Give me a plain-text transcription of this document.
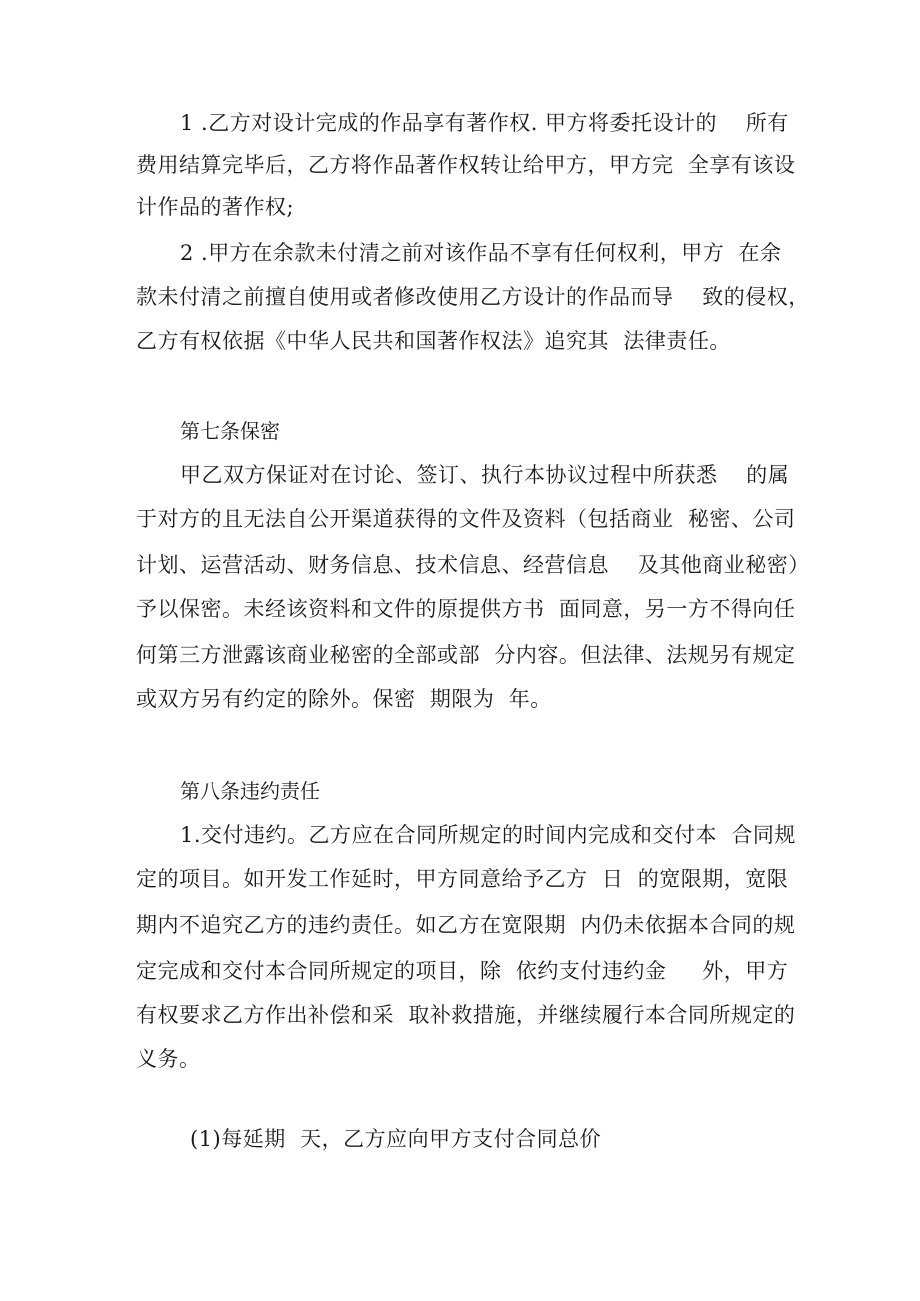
1 .乙方对设计完成的作品享有著作权. 甲方将委托设计的    所有
费用结算完毕后，乙方将作品著作权转让给甲方，甲方完  全享有该设
计作品的著作权;
2 .甲方在余款未付清之前对该作品不享有任何权利，甲方  在余
款未付清之前擅自使用或者修改使用乙方设计的作品而导    致的侵权，
乙方有权依据《中华人民共和国著作权法》追究其  法律责任。
第七条保密
甲乙双方保证对在讨论、签订、执行本协议过程中所获悉    的属
于对方的且无法自公开渠道获得的文件及资料（包括商业  秘密、公司
计划、运营活动、财务信息、技术信息、经营信息    及其他商业秘密）
予以保密。未经该资料和文件的原提供方书  面同意，另一方不得向任
何第三方泄露该商业秘密的全部或部  分内容。但法律、法规另有规定
或双方另有约定的除外。保密  期限为  年。
第八条违约责任
1.交付违约。乙方应在合同所规定的时间内完成和交付本  合同规
定的项目。如开发工作延时，甲方同意给予乙方  日  的宽限期，宽限
期内不追究乙方的违约责任。如乙方在宽限期  内仍未依据本合同的规
定完成和交付本合同所规定的项目，除  依约支付违约金     外，甲方
有权要求乙方作出补偿和采  取补救措施，并继续履行本合同所规定的
义务。
(1)每延期  天，乙方应向甲方支付合同总价
